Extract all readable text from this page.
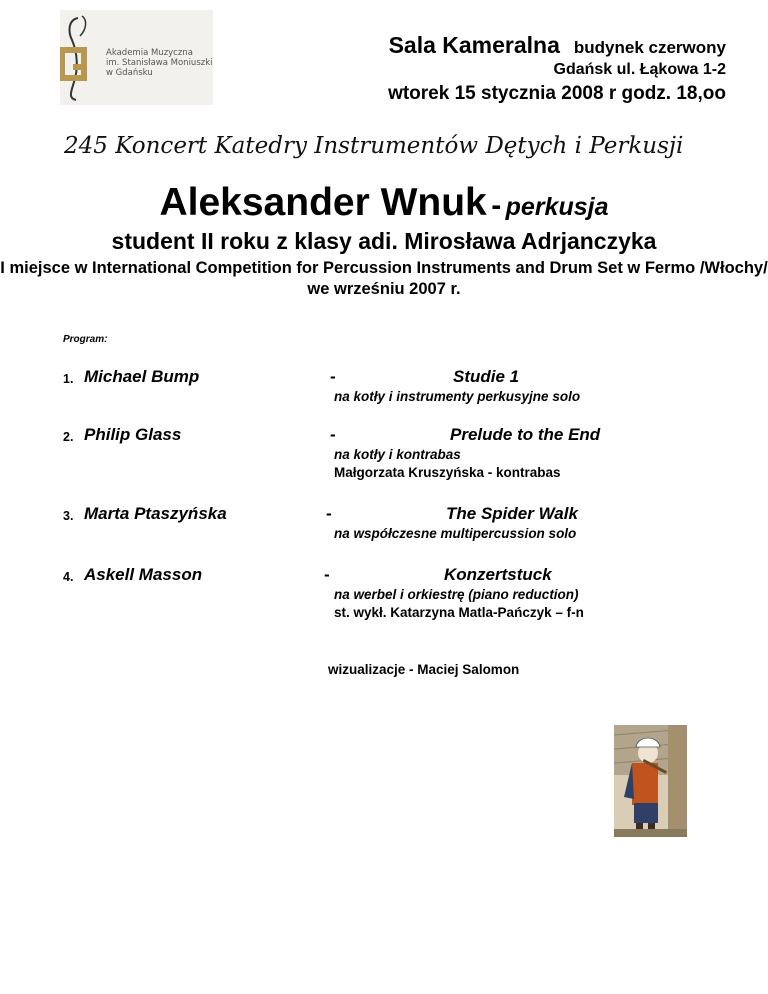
Akademia Muzyczna
im. Stanisława Moniuszki
w Gdańsku
Sala Kameralna budynek czerwony
Gdańsk ul. Łąkowa 1-2
wtorek 15 stycznia 2008 r godz. 18,oo
245 Koncert Katedry Instrumentów Dętych i Perkusji
Aleksander Wnuk - perkusja
student II roku z klasy adi. Mirosława Adrjanczyka
I miejsce w International Competition for Percussion Instruments and Drum Set w Fermo /Włochy/ we wrześniu 2007 r.
Program:
1. Michael Bump	-	Studie 1
na kotły i instrumenty perkusyjne solo
2. Philip Glass	-	Prelude to the End
na kotły i kontrabas
Małgorzata Kruszyńska - kontrabas
3. Marta Ptaszyńska	-	The Spider Walk
na współczesne multipercussion solo
4. Askell Masson	-	Konzertstuck
na werbel i orkiestrę (piano reduction)
st. wykł. Katarzyna Matla-Pańczyk – f-n
wizualizacje - Maciej Salomon
